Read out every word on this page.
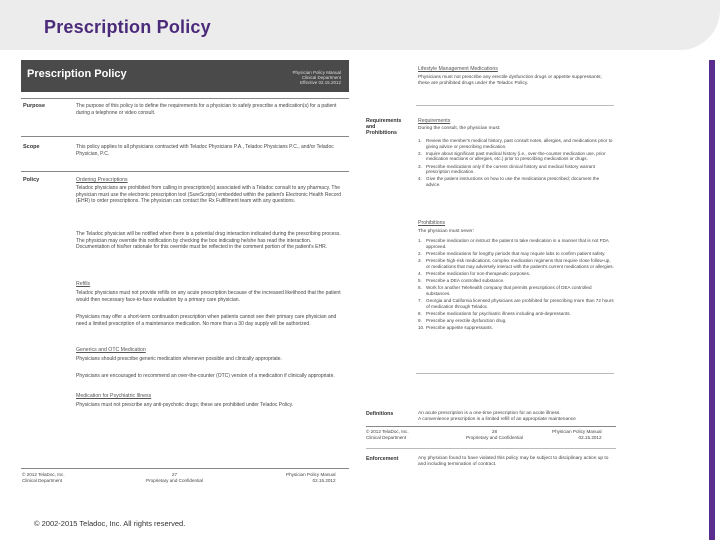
Prescription Policy
Prescription Policy	Physician Policy Manual
Clinical Department
Effective 02.15.2012
Purpose	The purpose of this policy is to define the requirements for a physician to safely prescribe a medication(s) for a patient during a telephone or video consult.
Scope	This policy applies to all physicians contracted with Teladoc Physicians P.A., Teladoc Physicians P.C., and/or Teladoc Physician, P.C.
Policy	Ordering Prescriptions
Teladoc physicians are prohibited from calling in prescription(s) associated with a Teladoc consult to any pharmacy. The physician must use the electronic prescription tool (SureScripts) embedded within the patient's Electronic Health Record (EHR) to order prescriptions. The physician can contact the Rx Fulfillment team with any questions.
The Teladoc physician will be notified when there is a potential drug interaction indicated during the prescribing process. The physician may override this notification by checking the box indicating he/she has read the interaction. Documentation of his/her rationale for this override must be reflected in the comment portion of the patient's EHR.
Refills
Teladoc physicians must not provide refills on any acute prescription because of the increased likelihood that the patient would then necessary face-to-face evaluation by a primary care physician.
Physicians may offer a short-term continuation prescription when patients cannot see their primary care physician and need a limited prescription of a maintenance medication. No more than a 30 day supply will be authorized.
Generics and OTC Medication
Physicians should prescribe generic medication whenever possible and clinically appropriate.
Physicians are encouraged to recommend an over-the-counter (OTC) version of a medication if clinically appropriate.
Medication for Psychiatric Illness
Physicians must not prescribe any anti-psychotic drugs; these are prohibited under Teladoc Policy.
© 2012 TelaDoc, Inc.
Clinical Department
27
Proprietary and Confidential
Physician Policy Manual
02.15.2012
Lifestyle Management Medications
Physicians must not prescribe any erectile dysfunction drugs or appetite suppressants; these are prohibited drugs under the Teladoc Policy.
Requirements
and
Prohibitions
Requirements
During the consult, the physician must:
1. Review the member's medical history, past consult notes, allergies, and medications prior to giving advice or prescribing medication.
2. Inquire about significant past medical history (i.e., over-the-counter medication use, prior medication reactions or allergies, etc.) prior to prescribing medications or drugs.
3. Prescribe medications only if the current clinical history and medical history warrant prescription medication.
4. Give the patient instructions on how to use the medications prescribed; document the advice.
Prohibitions
The physician must never:
1. Prescribe medication or instruct the patient to take medication in a manner that is not FDA approved.
2. Prescribe medications for lengthy periods that may require labs to confirm patient safety.
3. Prescribe high-risk medications, complex medication regimens that require close follow-up, or medications that may adversely interact with the patient's current medications or allergies.
4. Prescribe medication for non-therapeutic purposes.
5. Prescribe a DEA controlled substance.
6. Work for another Telehealth company that permits prescriptions of DEA controlled substances.
7. Georgia and California licensed physicians are prohibited for prescribing more than 72 hours of medication through Teladoc.
8. Prescribe medications for psychiatric illness including anti-depressants.
9. Prescribe any erectile dysfunction drug.
10. Prescribe appetite suppressants.
Definitions	An acute prescription is a one-time prescription for an acute illness.
A convenience prescription is a limited refill of an appropriate maintenance
© 2012 TelaDoc, Inc.
Clinical Department
28
Proprietary and Confidential
Physician Policy Manual
02.15.2012
Enforcement	Any physician found to have violated this policy may be subject to disciplinary action up to and including termination of contract.
© 2002-2015 Teladoc, Inc. All rights reserved.
